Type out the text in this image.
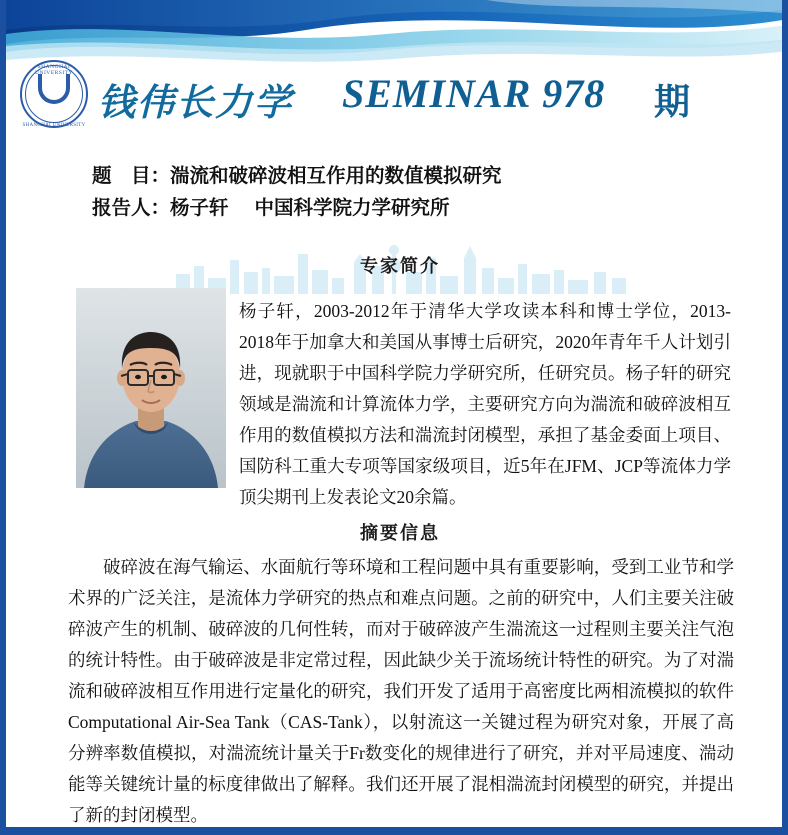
SHANGHAI UNIVERSITY
SHANGHAI UNIVERSITY
钱伟长力学 SEMINAR 978 期
题　目：湍流和破碎波相互作用的数值模拟研究
报告人：杨子轩 中国科学院力学研究所
专家简介
杨子轩，2003-2012年于清华大学攻读本科和博士学位，2013-2018年于加拿大和美国从事博士后研究，2020年青年千人计划引进，现就职于中国科学院力学研究所，任研究员。杨子轩的研究领域是湍流和计算流体力学，主要研究方向为湍流和破碎波相互作用的数值模拟方法和湍流封闭模型，承担了基金委面上项目、国防科工重大专项等国家级项目，近5年在JFM、JCP等流体力学顶尖期刊上发表论文20余篇。
摘要信息
破碎波在海气输运、水面航行等环境和工程问题中具有重要影响，受到工业节和学术界的广泛关注，是流体力学研究的热点和难点问题。之前的研究中，人们主要关注破碎波产生的机制、破碎波的几何性转，而对于破碎波产生湍流这一过程则主要关注气泡的统计特性。由于破碎波是非定常过程，因此缺少关于流场统计特性的研究。为了对湍流和破碎波相互作用进行定量化的研究，我们开发了适用于高密度比两相流模拟的软件 Computational Air-Sea Tank（CAS-Tank），以射流这一关键过程为研究对象，开展了高分辨率数值模拟，对湍流统计量关于Fr数变化的规律进行了研究，并对平局速度、湍动能等关键统计量的标度律做出了解释。我们还开展了混相湍流封闭模型的研究，并提出了新的封闭模型。
